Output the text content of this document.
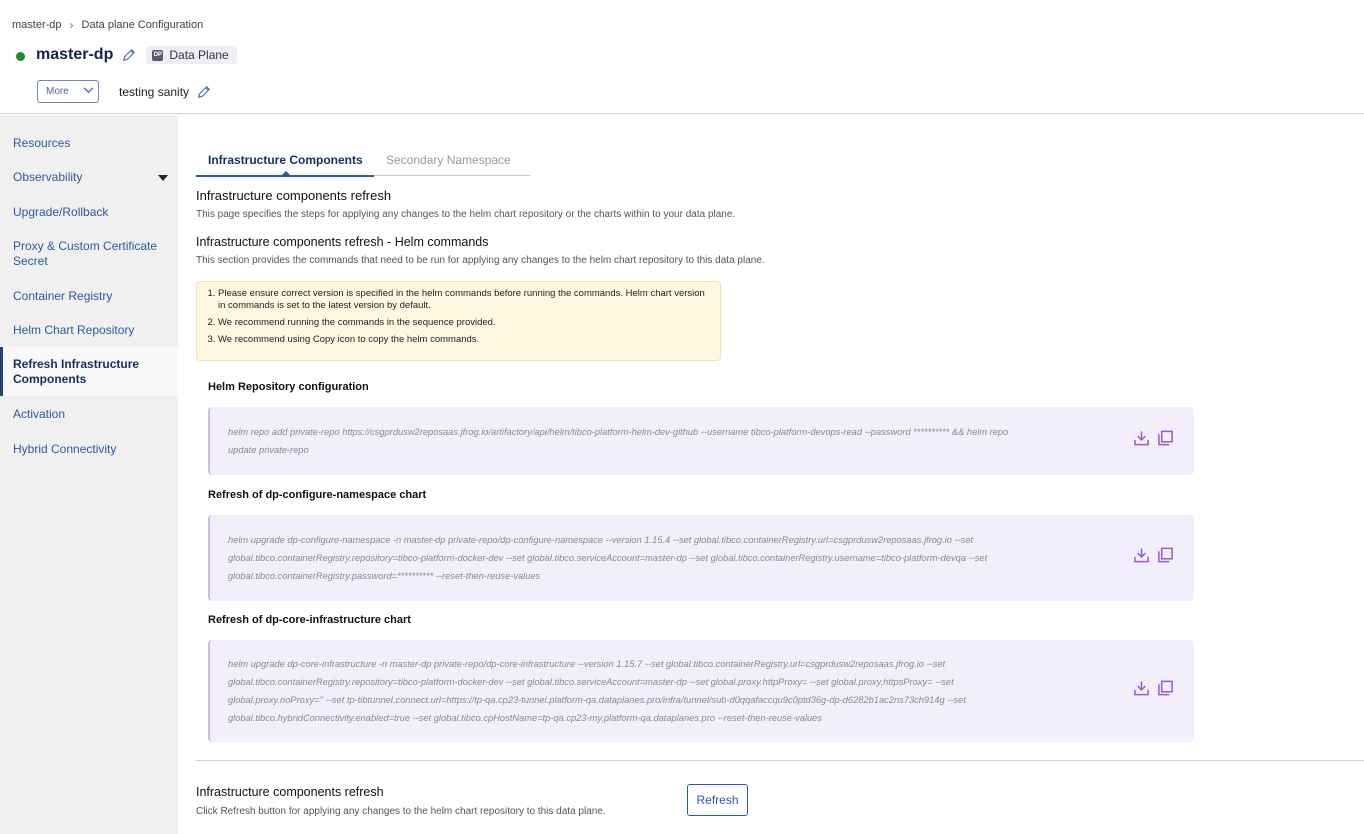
master-dp › Data plane Configuration
master-dp	DP Data Plane
More	testing sanity
Resources
Observability
Upgrade/Rollback
Proxy & Custom Certificate Secret
Container Registry
Helm Chart Repository
Refresh Infrastructure Components
Activation
Hybrid Connectivity
Infrastructure Components Secondary Namespace
Infrastructure components refresh
This page specifies the steps for applying any changes to the helm chart repository or the charts within to your data plane.
Infrastructure components refresh - Helm commands
This section provides the commands that need to be run for applying any changes to the helm chart repository to this data plane.
1. Please ensure correct version is specified in the helm commands before running the commands. Helm chart version in commands is set to the latest version by default.
2. We recommend running the commands in the sequence provided.
3. We recommend using Copy icon to copy the helm commands.
Helm Repository configuration
helm repo add private-repo https://csgprdusw2reposaas.jfrog.io/artifactory/api/helm/tibco-platform-helm-dev-github --username tibco-platform-devops-read --password ********** && helm repo update private-repo
Refresh of dp-configure-namespace chart
helm upgrade dp-configure-namespace -n master-dp private-repo/dp-configure-namespace --version 1.15.4 --set global.tibco.containerRegistry.url=csgprdusw2reposaas.jfrog.io --set global.tibco.containerRegistry.repository=tibco-platform-docker-dev --set global.tibco.serviceAccount=master-dp --set global.tibco.containerRegistry.username=tibco-platform-devqa --set global.tibco.containerRegistry.password=********** --reset-then-reuse-values
Refresh of dp-core-infrastructure chart
helm upgrade dp-core-infrastructure -n master-dp private-repo/dp-core-infrastructure --version 1.15.7 --set global.tibco.containerRegistry.url=csgprdusw2reposaas.jfrog.io --set global.tibco.containerRegistry.repository=tibco-platform-docker-dev --set global.tibco.serviceAccount=master-dp --set global.proxy.httpProxy= --set global.proxy.httpsProxy= --set global.proxy.noProxy='' --set tp-tibtunnel.connect.url=https://tp-qa.cp23-tunnel.platform-qa.dataplanes.pro/infra/tunnel/sub-d0qqafaccqu9c0ptd36g-dp-d6282b1ac2ns73ch914g --set global.tibco.hybridConnectivity.enabled=true --set global.tibco.cpHostName=tp-qa.cp23-my.platform-qa.dataplanes.pro --reset-then-reuse-values
Infrastructure components refresh
Click Refresh button for applying any changes to the helm chart repository to this data plane.
Refresh
